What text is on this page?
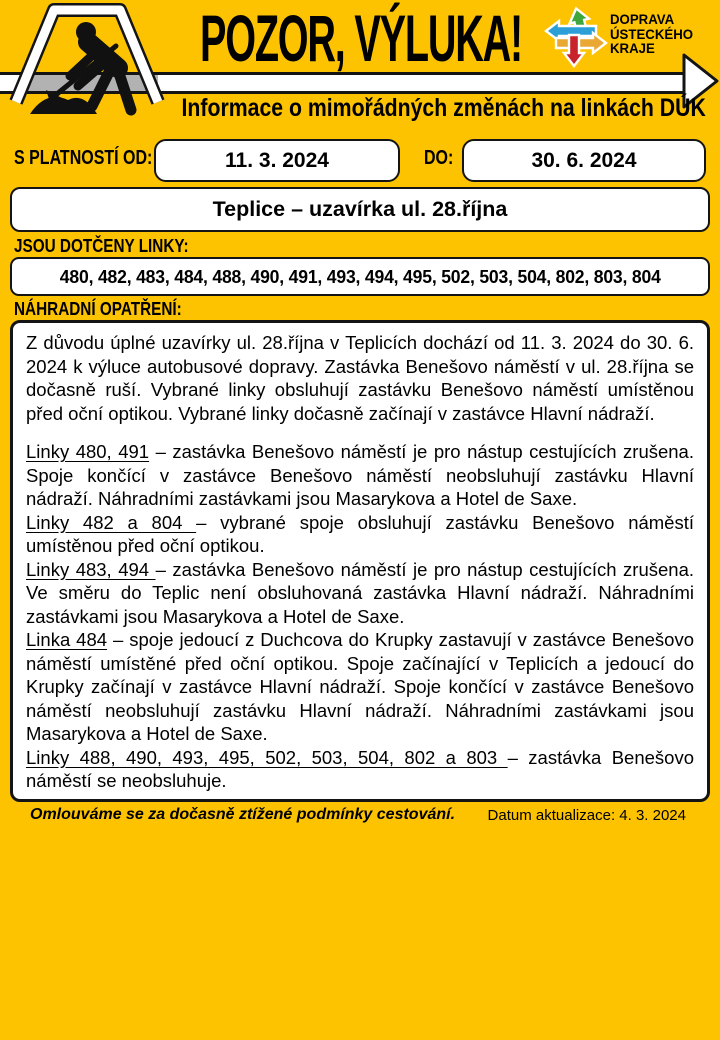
POZOR, VÝLUKA!	DOPRAVA
ÚSTECKÉHO
KRAJE
Informace o mimořádných změnách na linkách DÚK
S PLATNOSTÍ OD:	11. 3. 2024	DO:	30. 6. 2024
Teplice – uzavírka ul. 28.října
JSOU DOTČENY LINKY:
480, 482, 483, 484, 488, 490, 491, 493, 494, 495, 502, 503, 504, 802, 803, 804
NÁHRADNÍ OPATŘENÍ:
Z důvodu úplné uzavírky ul. 28.října v Teplicích dochází od 11. 3. 2024 do 30. 6. 2024 k výluce autobusové dopravy. Zastávka Benešovo náměstí v ul. 28.října se dočasně ruší. Vybrané linky obsluhují zastávku Benešovo náměstí umístěnou před oční optikou. Vybrané linky dočasně začínají v zastávce Hlavní nádraží.
Linky 480, 491 – zastávka Benešovo náměstí je pro nástup cestujících zrušena. Spoje končící v zastávce Benešovo náměstí neobsluhují zastávku Hlavní nádraží. Náhradními zastávkami jsou Masarykova a Hotel de Saxe.
Linky 482 a 804 – vybrané spoje obsluhují zastávku Benešovo náměstí umístěnou před oční optikou.
Linky 483, 494 – zastávka Benešovo náměstí je pro nástup cestujících zrušena. Ve směru do Teplic není obsluhovaná zastávka Hlavní nádraží. Náhradními zastávkami jsou Masarykova a Hotel de Saxe.
Linka 484 – spoje jedoucí z Duchcova do Krupky zastavují v zastávce Benešovo náměstí umístěné před oční optikou. Spoje začínající v Teplicích a jedoucí do Krupky začínají v zastávce Hlavní nádraží. Spoje končící v zastávce Benešovo náměstí neobsluhují zastávku Hlavní nádraží. Náhradními zastávkami jsou Masarykova a Hotel de Saxe.
Linky 488, 490, 493, 495, 502, 503, 504, 802 a 803 – zastávka Benešovo náměstí se neobsluhuje.
Omlouváme se za dočasně ztížené podmínky cestování. Datum aktualizace: 4. 3. 2024
